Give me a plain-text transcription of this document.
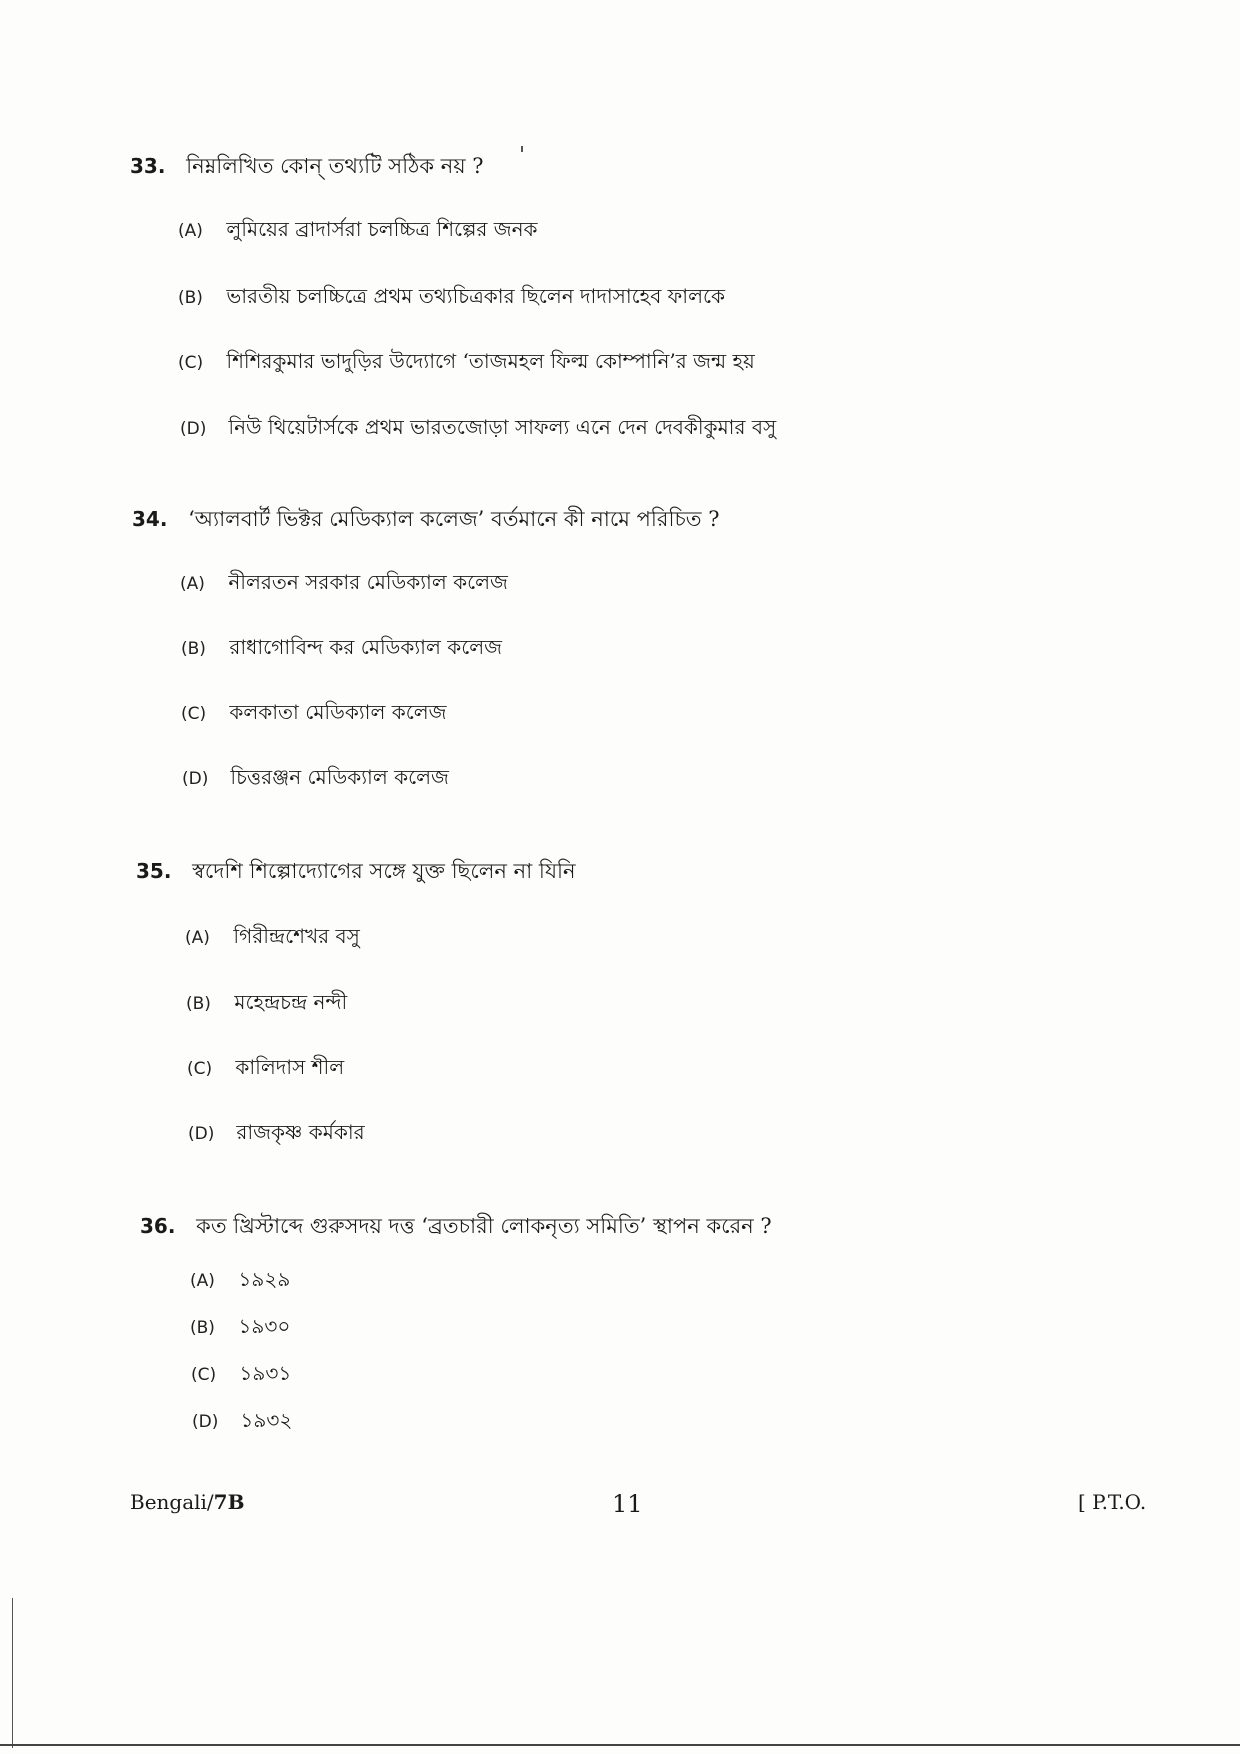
33. নিম্নলিখিত কোন্ তথ্যটি সঠিক নয় ?
(A) লুমিয়ের ব্রাদার্সরা চলচ্চিত্র শিল্পের জনক
(B) ভারতীয় চলচ্চিত্রে প্রথম তথ্যচিত্রকার ছিলেন দাদাসাহেব ফালকে
(C) শিশিরকুমার ভাদুড়ির উদ্যোগে ‘তাজমহল ফিল্ম কোম্পানি’র জন্ম হয়
(D) নিউ থিয়েটার্সকে প্রথম ভারতজোড়া সাফল্য এনে দেন দেবকীকুমার বসু
34. ‘অ্যালবার্ট ভিক্টর মেডিক্যাল কলেজ’ বর্তমানে কী নামে পরিচিত ?
(A) নীলরতন সরকার মেডিক্যাল কলেজ
(B) রাধাগোবিন্দ কর মেডিক্যাল কলেজ
(C) কলকাতা মেডিক্যাল কলেজ
(D) চিত্তরঞ্জন মেডিক্যাল কলেজ
35. স্বদেশি শিল্পোদ্যোগের সঙ্গে যুক্ত ছিলেন না যিনি
(A) গিরীন্দ্রশেখর বসু
(B) মহেন্দ্রচন্দ্র নন্দী
(C) কালিদাস শীল
(D) রাজকৃষ্ণ কর্মকার
36. কত খ্রিস্টাব্দে গুরুসদয় দত্ত ‘ব্রতচারী লোকনৃত্য সমিতি’ স্থাপন করেন ?
(A) ১৯২৯
(B) ১৯৩০
(C) ১৯৩১
(D) ১৯৩২
Bengali/7B	11	[ P.T.O.
